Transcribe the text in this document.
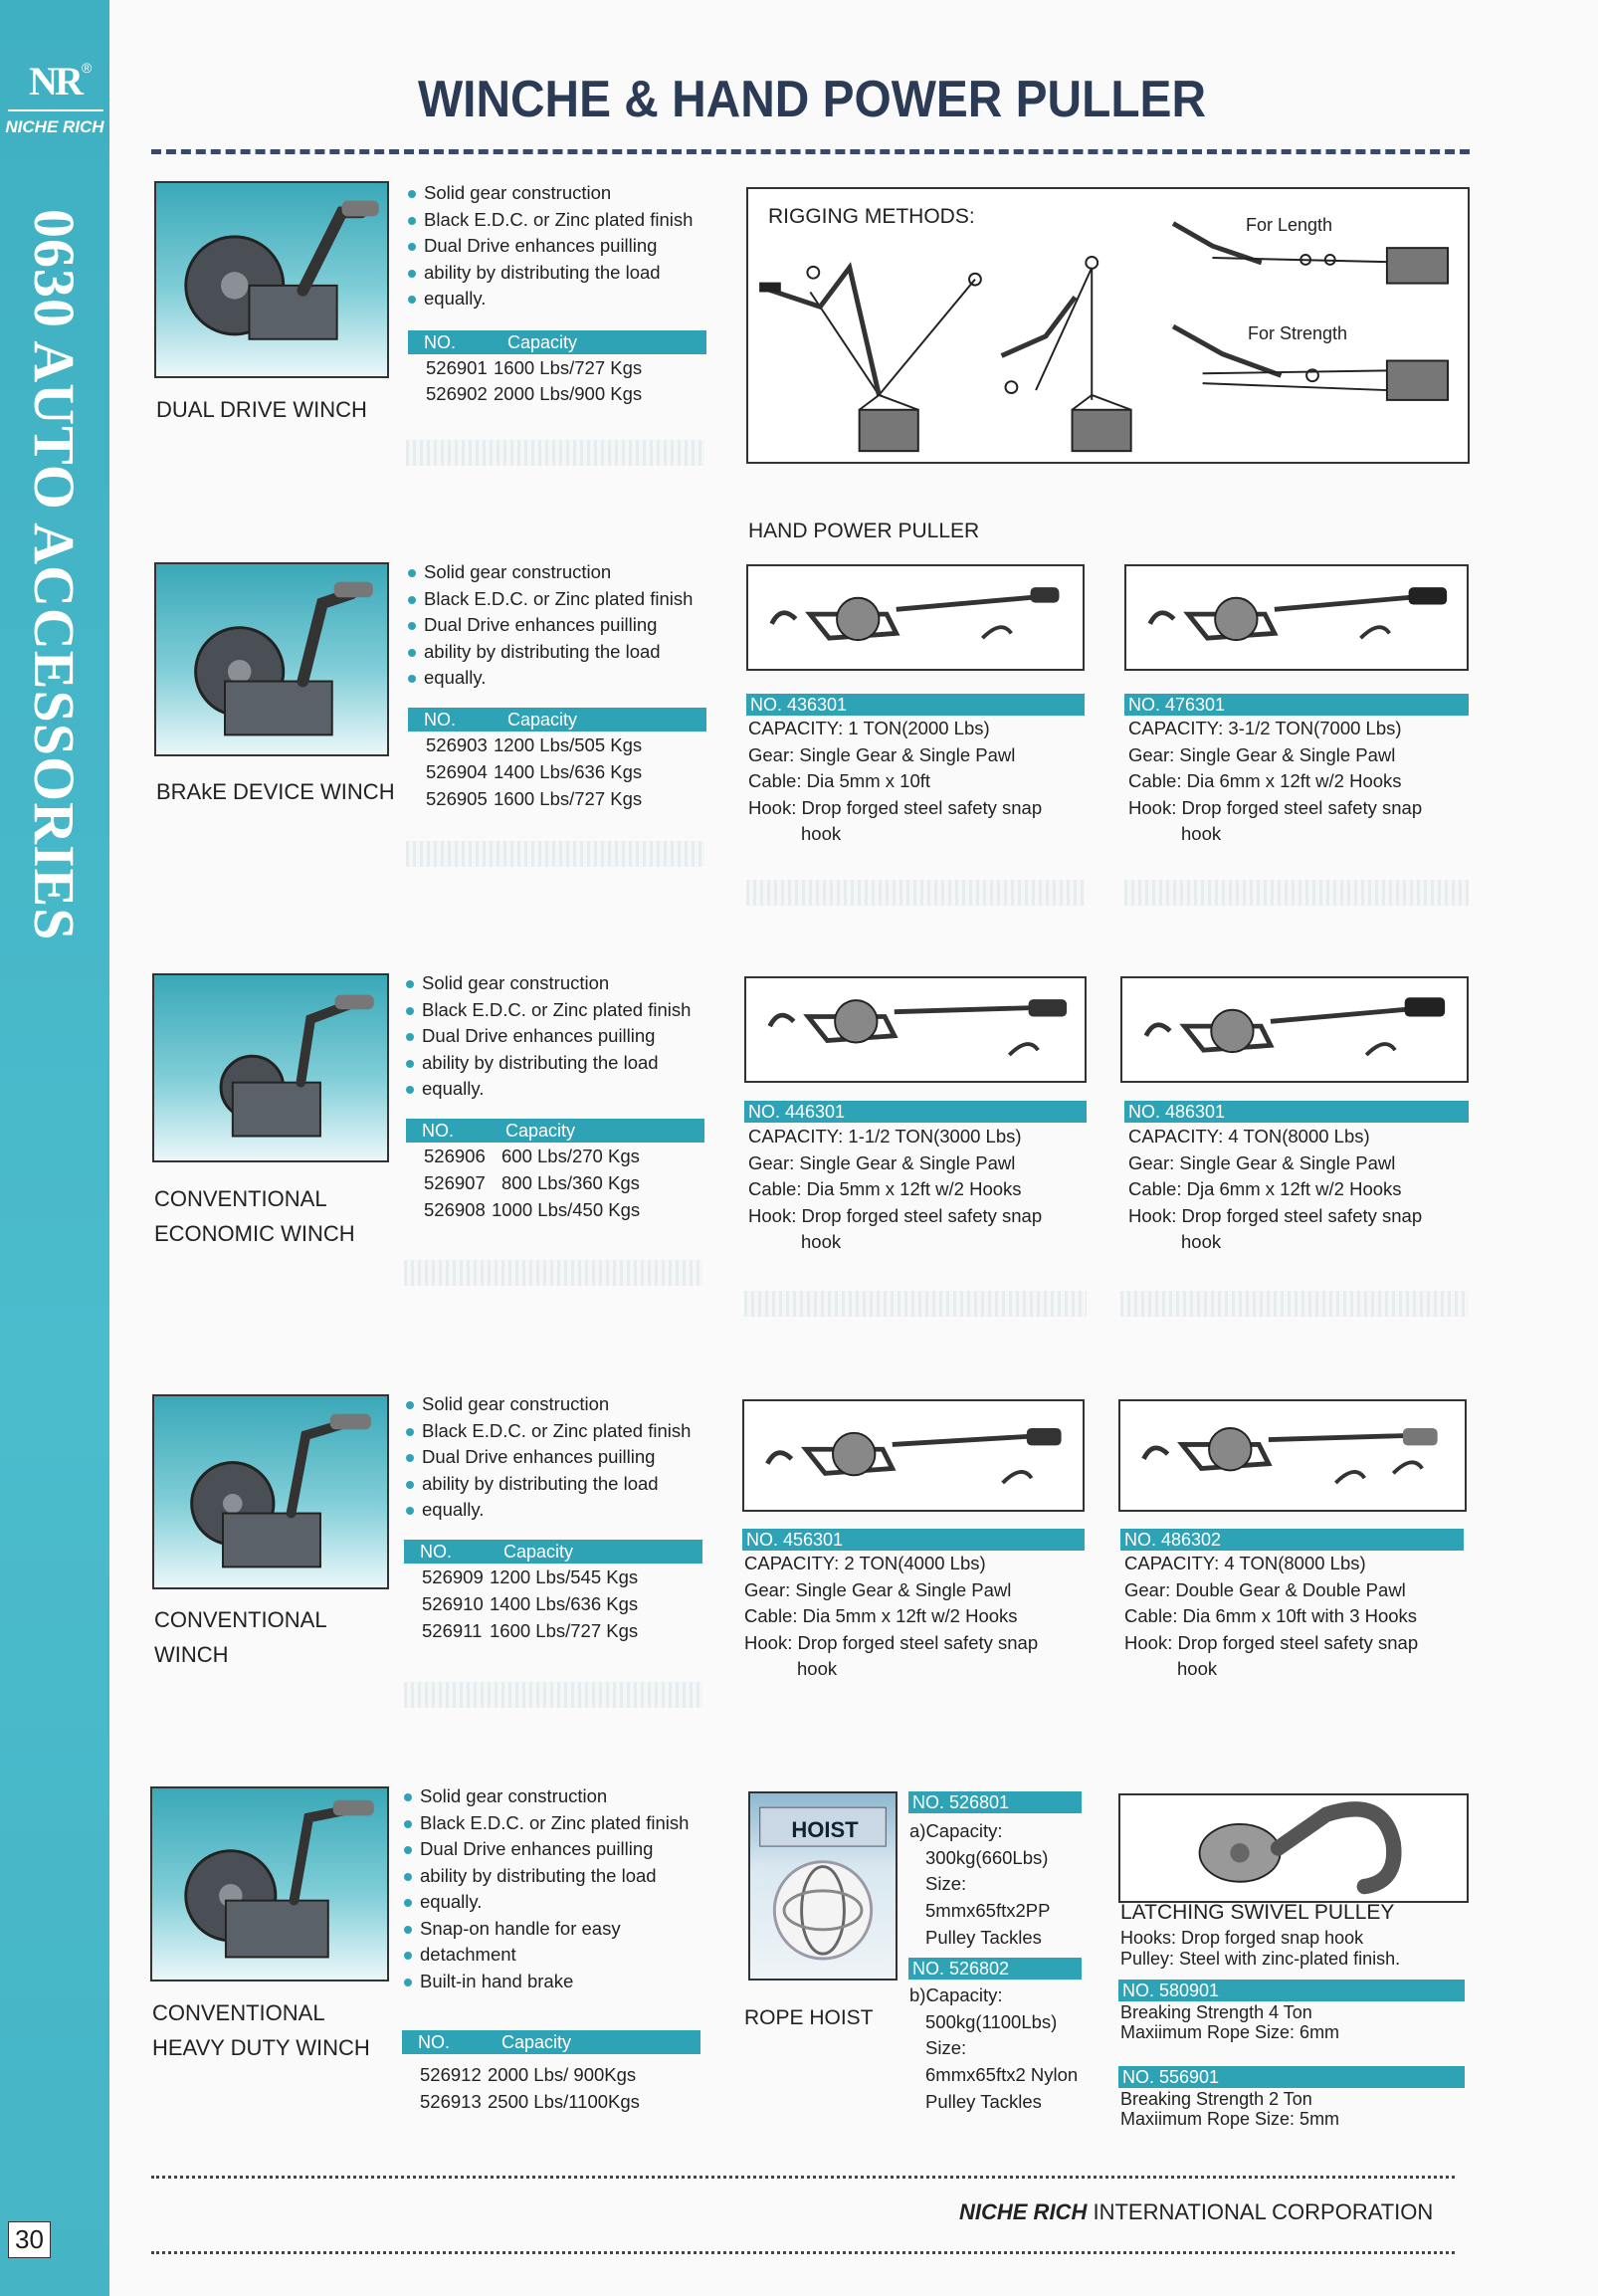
NR ®
NICHE RICH
0630 AUTO ACCESSORIES
30
WINCHE & HAND POWER PULLER
DUAL DRIVE WINCH
Solid gear construction
Black E.D.C. or Zinc plated finish
Dual Drive enhances puilling
ability by distributing the load
equally.
NO.	Capacity
526901 1600 Lbs/727 Kgs
526902 2000 Lbs/900 Kgs
BRAkE DEVICE WINCH
Solid gear construction
Black E.D.C. or Zinc plated finish
Dual Drive enhances puilling
ability by distributing the load
equally.
NO.	Capacity
526903 1200 Lbs/505 Kgs
526904 1400 Lbs/636 Kgs
526905 1600 Lbs/727 Kgs
CONVENTIONAL
ECONOMIC WINCH
Solid gear construction
Black E.D.C. or Zinc plated finish
Dual Drive enhances puilling
ability by distributing the load
equally.
NO.	Capacity
526906 600 Lbs/270 Kgs
526907 800 Lbs/360 Kgs
526908 1000 Lbs/450 Kgs
CONVENTIONAL
WINCH
Solid gear construction
Black E.D.C. or Zinc plated finish
Dual Drive enhances puilling
ability by distributing the load
equally.
NO.	Capacity
526909 1200 Lbs/545 Kgs
526910 1400 Lbs/636 Kgs
526911 1600 Lbs/727 Kgs
CONVENTIONAL
HEAVY DUTY WINCH
Solid gear construction
Black E.D.C. or Zinc plated finish
Dual Drive enhances puilling
ability by distributing the load
equally.
Snap-on handle for easy
detachment
Built-in hand brake
NO.	Capacity
526912 2000 Lbs/ 900Kgs
526913 2500 Lbs/1100Kgs
RIGGING METHODS:	For Length
For Strength
HAND POWER PULLER
NO. 436301
CAPACITY: 1 TON(2000 Lbs)
Gear: Single Gear & Single Pawl
Cable: Dia 5mm x 10ft
Hook: Drop forged steel safety snap
hook
NO. 476301
CAPACITY: 3-1/2 TON(7000 Lbs)
Gear: Single Gear & Single Pawl
Cable: Dia 6mm x 12ft w/2 Hooks
Hook: Drop forged steel safety snap
hook
NO. 446301
CAPACITY: 1-1/2 TON(3000 Lbs)
Gear: Single Gear & Single Pawl
Cable: Dia 5mm x 12ft w/2 Hooks
Hook: Drop forged steel safety snap
hook
NO. 486301
CAPACITY: 4 TON(8000 Lbs)
Gear: Single Gear & Single Pawl
Cable: Dja 6mm x 12ft w/2 Hooks
Hook: Drop forged steel safety snap
hook
NO. 456301
CAPACITY: 2 TON(4000 Lbs)
Gear: Single Gear & Single Pawl
Cable: Dia 5mm x 12ft w/2 Hooks
Hook: Drop forged steel safety snap
hook
NO. 486302
CAPACITY: 4 TON(8000 Lbs)
Gear: Double Gear & Double Pawl
Cable: Dia 6mm x 10ft with 3 Hooks
Hook: Drop forged steel safety snap
hook
HOIST
ROPE HOIST
NO. 526801
a)Capacity:
300kg(660Lbs)
Size:
5mmx65ftx2PP
Pulley Tackles
NO. 526802
b)Capacity:
500kg(1100Lbs)
Size:
6mmx65ftx2 Nylon
Pulley Tackles
LATCHING SWIVEL PULLEY
Hooks: Drop forged snap hook
Pulley: Steel with zinc-plated finish.
NO. 580901
Breaking Strength 4 Ton
Maxiimum Rope Size: 6mm
NO. 556901
Breaking Strength 2 Ton
Maxiimum Rope Size: 5mm
NICHE RICH INTERNATIONAL CORPORATION
